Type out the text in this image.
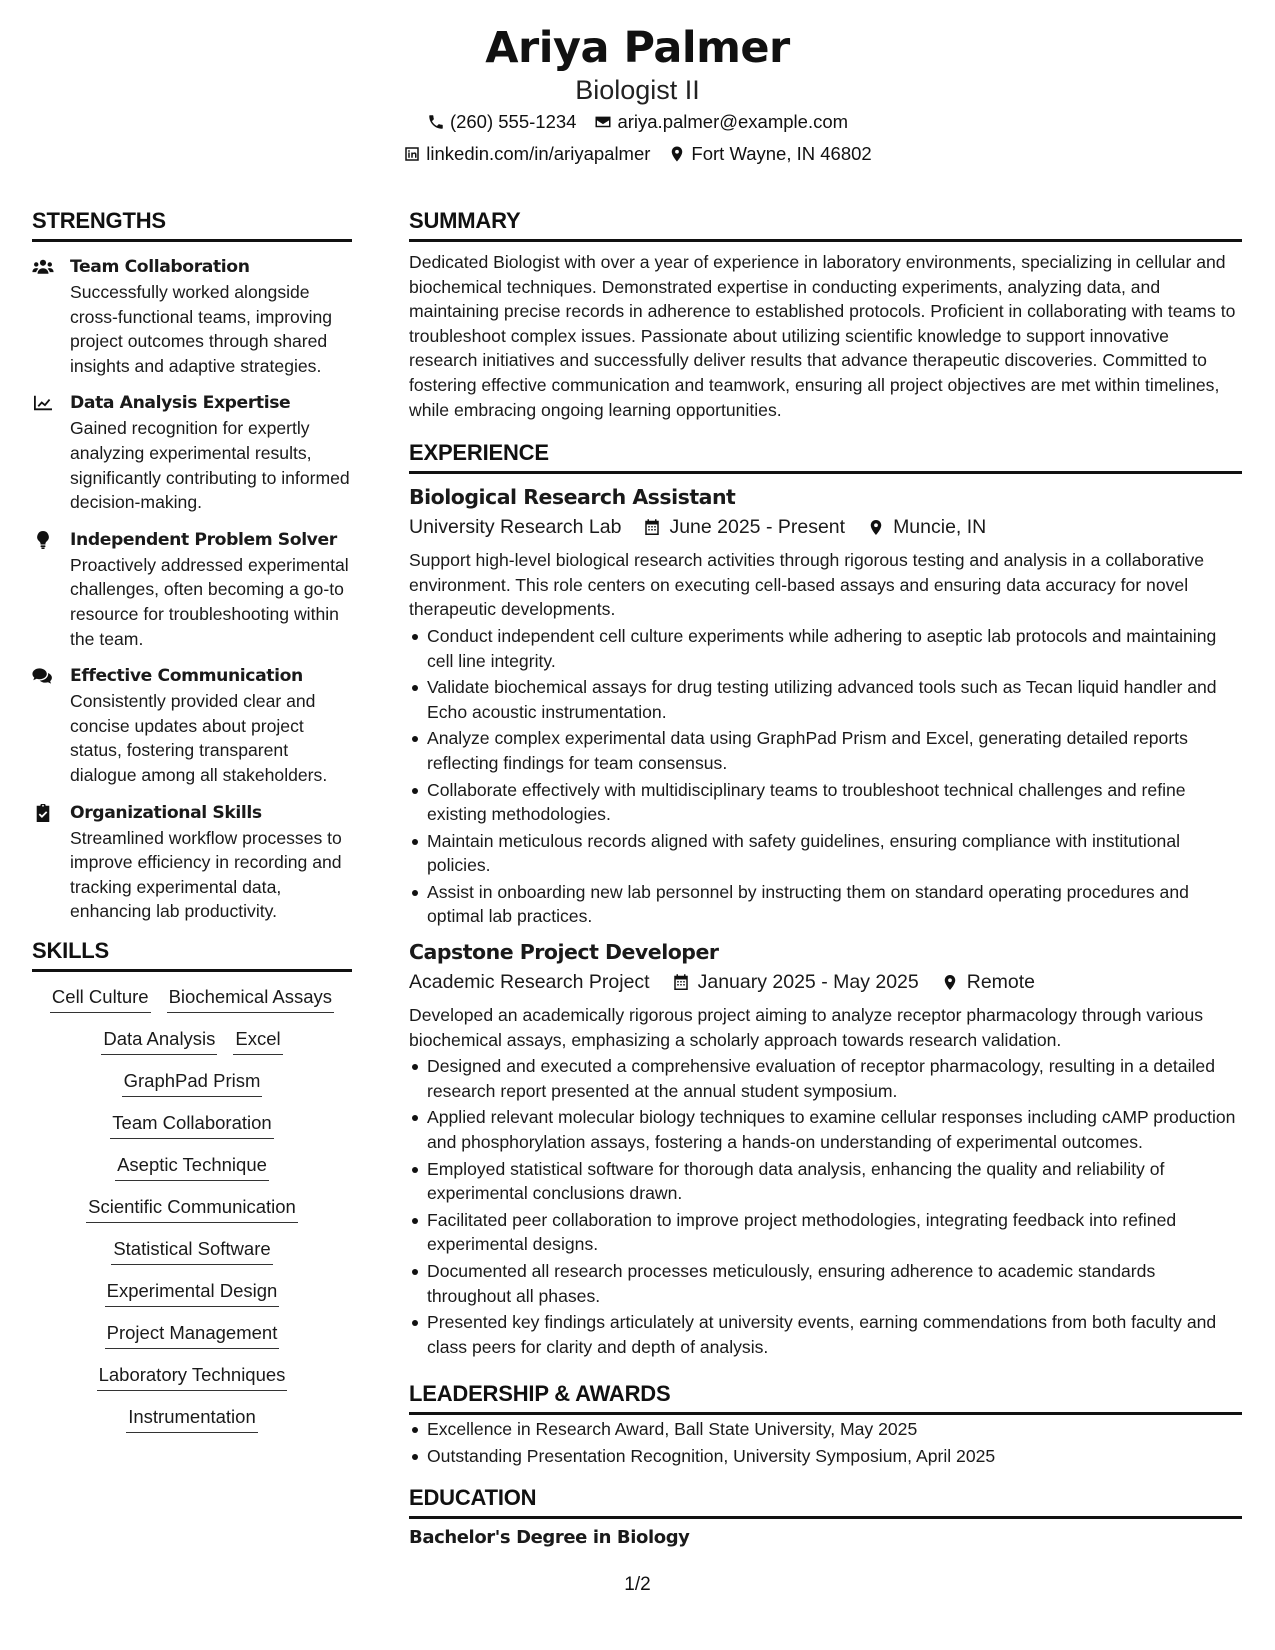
Ariya Palmer
Biologist II
(260) 555-1234 ariya.palmer@example.com
linkedin.com/in/ariyapalmer Fort Wayne, IN 46802
STRENGTHS
Team Collaboration
Successfully worked alongside cross-functional teams, improving project outcomes through shared insights and adaptive strategies.
Data Analysis Expertise
Gained recognition for expertly analyzing experimental results, significantly contributing to informed decision-making.
Independent Problem Solver
Proactively addressed experimental challenges, often becoming a go-to resource for troubleshooting within the team.
Effective Communication
Consistently provided clear and concise updates about project status, fostering transparent dialogue among all stakeholders.
Organizational Skills
Streamlined workflow processes to improve efficiency in recording and tracking experimental data, enhancing lab productivity.
SKILLS
Cell Culture Biochemical Assays
Data Analysis Excel
GraphPad Prism
Team Collaboration
Aseptic Technique
Scientific Communication
Statistical Software
Experimental Design
Project Management
Laboratory Techniques
Instrumentation
SUMMARY
Dedicated Biologist with over a year of experience in laboratory environments, specializing in cellular and biochemical techniques. Demonstrated expertise in conducting experiments, analyzing data, and maintaining precise records in adherence to established protocols. Proficient in collaborating with teams to troubleshoot complex issues. Passionate about utilizing scientific knowledge to support innovative research initiatives and successfully deliver results that advance therapeutic discoveries. Committed to fostering effective communication and teamwork, ensuring all project objectives are met within timelines, while embracing ongoing learning opportunities.
EXPERIENCE
Biological Research Assistant
University Research Lab June 2025 - Present Muncie, IN
Support high-level biological research activities through rigorous testing and analysis in a collaborative environment. This role centers on executing cell-based assays and ensuring data accuracy for novel therapeutic developments.
Conduct independent cell culture experiments while adhering to aseptic lab protocols and maintaining cell line integrity.
Validate biochemical assays for drug testing utilizing advanced tools such as Tecan liquid handler and Echo acoustic instrumentation.
Analyze complex experimental data using GraphPad Prism and Excel, generating detailed reports reflecting findings for team consensus.
Collaborate effectively with multidisciplinary teams to troubleshoot technical challenges and refine existing methodologies.
Maintain meticulous records aligned with safety guidelines, ensuring compliance with institutional policies.
Assist in onboarding new lab personnel by instructing them on standard operating procedures and optimal lab practices.
Capstone Project Developer
Academic Research Project January 2025 - May 2025 Remote
Developed an academically rigorous project aiming to analyze receptor pharmacology through various biochemical assays, emphasizing a scholarly approach towards research validation.
Designed and executed a comprehensive evaluation of receptor pharmacology, resulting in a detailed research report presented at the annual student symposium.
Applied relevant molecular biology techniques to examine cellular responses including cAMP production and phosphorylation assays, fostering a hands-on understanding of experimental outcomes.
Employed statistical software for thorough data analysis, enhancing the quality and reliability of experimental conclusions drawn.
Facilitated peer collaboration to improve project methodologies, integrating feedback into refined experimental designs.
Documented all research processes meticulously, ensuring adherence to academic standards throughout all phases.
Presented key findings articulately at university events, earning commendations from both faculty and class peers for clarity and depth of analysis.
LEADERSHIP & AWARDS
Excellence in Research Award, Ball State University, May 2025
Outstanding Presentation Recognition, University Symposium, April 2025
EDUCATION
Bachelor's Degree in Biology
1/2
